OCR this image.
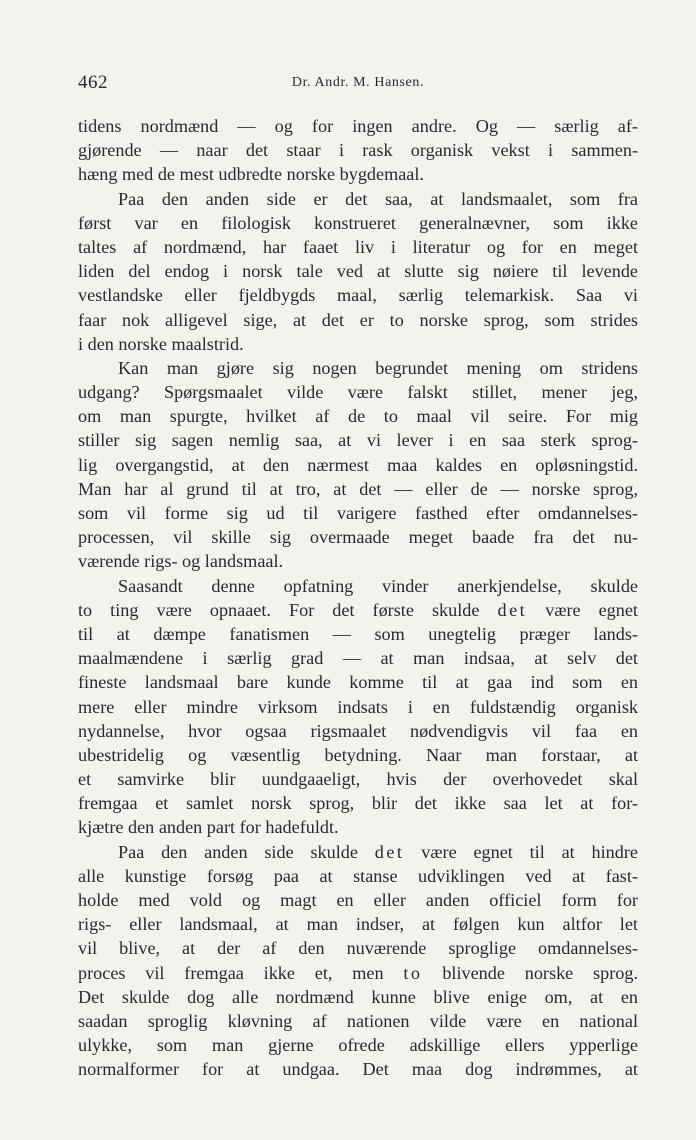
462	Dr. Andr. M. Hansen.
tidens nordmænd — og for ingen andre. Og — særlig af-
gjørende — naar det staar i rask organisk vekst i sammen-
hæng med de mest udbredte norske bygdemaal.
Paa den anden side er det saa, at landsmaalet, som fra
først var en filologisk konstrueret generalnævner, som ikke
taltes af nordmænd, har faaet liv i literatur og for en meget
liden del endog i norsk tale ved at slutte sig nøiere til levende
vestlandske eller fjeldbygds maal, særlig telemarkisk. Saa vi
faar nok alligevel sige, at det er to norske sprog, som strides
i den norske maalstrid.
Kan man gjøre sig nogen begrundet mening om stridens
udgang? Spørgsmaalet vilde være falskt stillet, mener jeg,
om man spurgte, hvilket af de to maal vil seire. For mig
stiller sig sagen nemlig saa, at vi lever i en saa sterk sprog-
lig overgangstid, at den nærmest maa kaldes en opløsningstid.
Man har al grund til at tro, at det — eller de — norske sprog,
som vil forme sig ud til varigere fasthed efter omdannelses-
processen, vil skille sig overmaade meget baade fra det nu-
værende rigs- og landsmaal.
Saasandt denne opfatning vinder anerkjendelse, skulde
to ting være opnaaet. For det første skulde det være egnet
til at dæmpe fanatismen — som unegtelig præger lands-
maalmændene i særlig grad — at man indsaa, at selv det
fineste landsmaal bare kunde komme til at gaa ind som en
mere eller mindre virksom indsats i en fuldstændig organisk
nydannelse, hvor ogsaa rigsmaalet nødvendigvis vil faa en
ubestridelig og væsentlig betydning. Naar man forstaar, at
et samvirke blir uundgaaeligt, hvis der overhovedet skal
fremgaa et samlet norsk sprog, blir det ikke saa let at for-
kjætre den anden part for hadefuldt.
Paa den anden side skulde det være egnet til at hindre
alle kunstige forsøg paa at stanse udviklingen ved at fast-
holde med vold og magt en eller anden officiel form for
rigs- eller landsmaal, at man indser, at følgen kun altfor let
vil blive, at der af den nuværende sproglige omdannelses-
proces vil fremgaa ikke et, men to blivende norske sprog.
Det skulde dog alle nordmænd kunne blive enige om, at en
saadan sproglig kløvning af nationen vilde være en national
ulykke, som man gjerne ofrede adskillige ellers ypperlige
normalformer for at undgaa. Det maa dog indrømmes, at
